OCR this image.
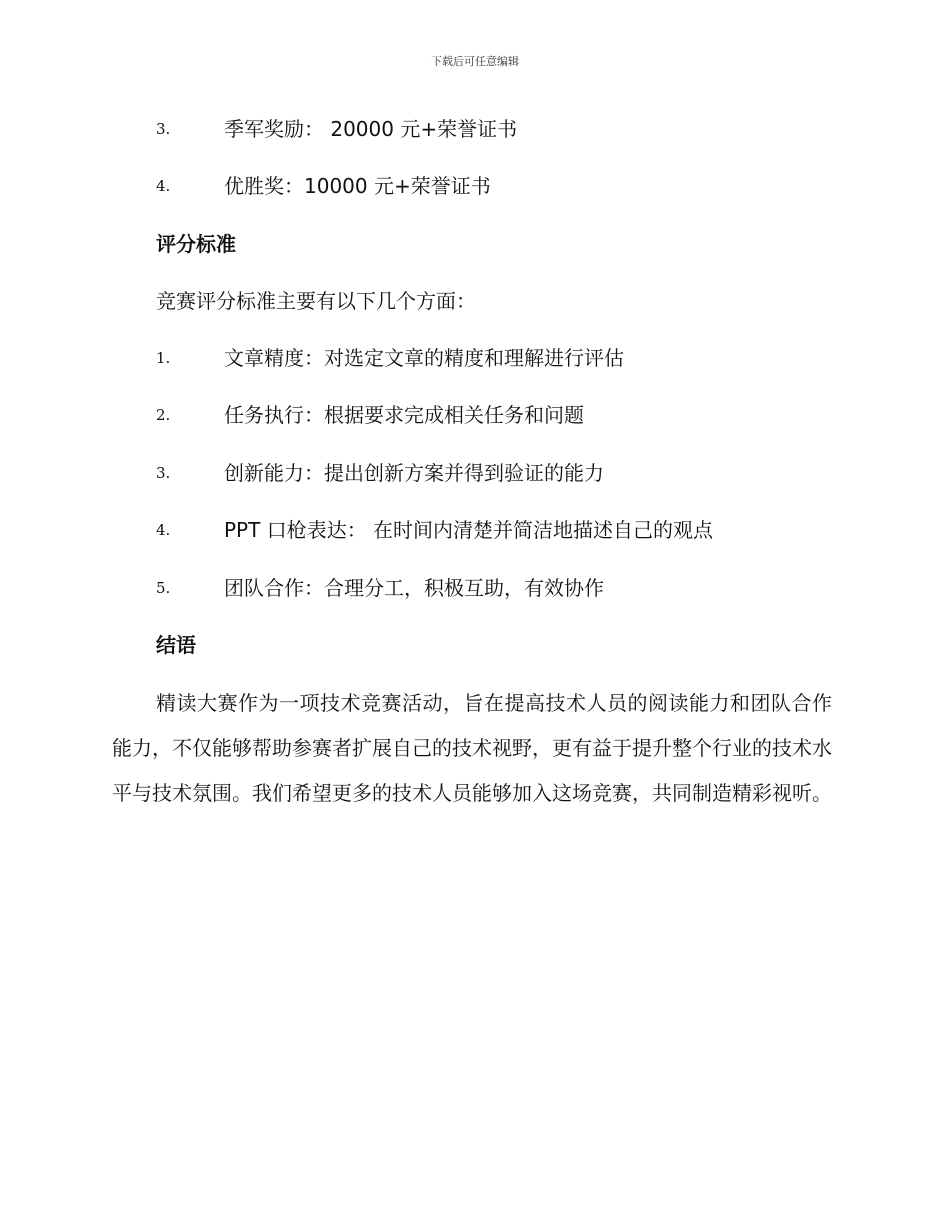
下载后可任意编辑
3.	季军奖励： 20000 元+荣誉证书
4.	优胜奖：10000 元+荣誉证书
评分标准
竞赛评分标准主要有以下几个方面：
1.	文章精度：对选定文章的精度和理解进行评估
2.	任务执行：根据要求完成相关任务和问题
3.	创新能力：提出创新方案并得到验证的能力
4.	PPT 口枪表达： 在时间内清楚并简洁地描述自己的观点
5.	团队合作：合理分工，积极互助，有效协作
结语
精读大赛作为一项技术竞赛活动，旨在提高技术人员的阅读能力和团队合作能力，不仅能够帮助参赛者扩展自己的技术视野，更有益于提升整个行业的技术水平与技术氛围。我们希望更多的技术人员能够加入这场竞赛，共同制造精彩视听。
